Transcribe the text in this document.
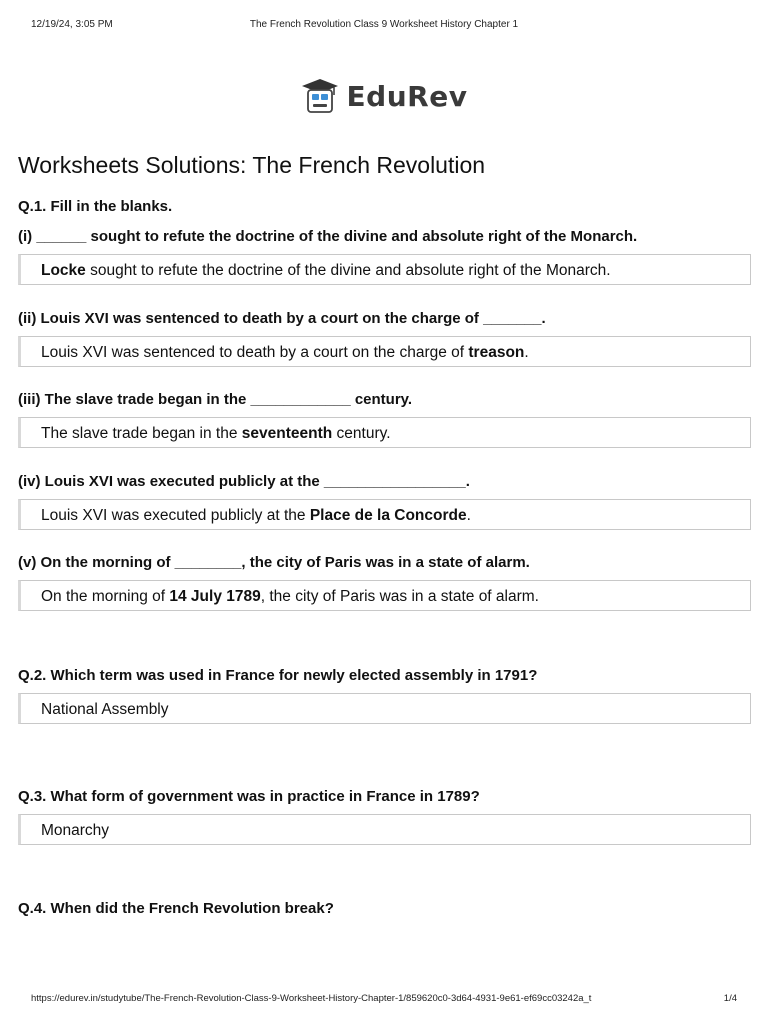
12/19/24, 3:05 PM	The French Revolution Class 9 Worksheet History Chapter 1
EduRev
Worksheets Solutions: The French Revolution

Q.1. Fill in the blanks.

(i) ______ sought to refute the doctrine of the divine and absolute right of the Monarch.

Locke sought to refute the doctrine of the divine and absolute right of the Monarch.

(ii) Louis XVI was sentenced to death by a court on the charge of _______.

Louis XVI was sentenced to death by a court on the charge of treason.

(iii) The slave trade began in the ____________ century.

The slave trade began in the seventeenth century.

(iv) Louis XVI was executed publicly at the _________________.

Louis XVI was executed publicly at the Place de la Concorde.

(v) On the morning of ________, the city of Paris was in a state of alarm.

On the morning of 14 July 1789, the city of Paris was in a state of alarm.

Q.2. Which term was used in France for newly elected assembly in 1791?

National Assembly

Q.3. What form of government was in practice in France in 1789?

Monarchy

Q.4. When did the French Revolution break?

https://edurev.in/studytube/The-French-Revolution-Class-9-Worksheet-History-Chapter-1/859620c0-3d64-4931-9e61-ef69cc03242a_t	1/4
